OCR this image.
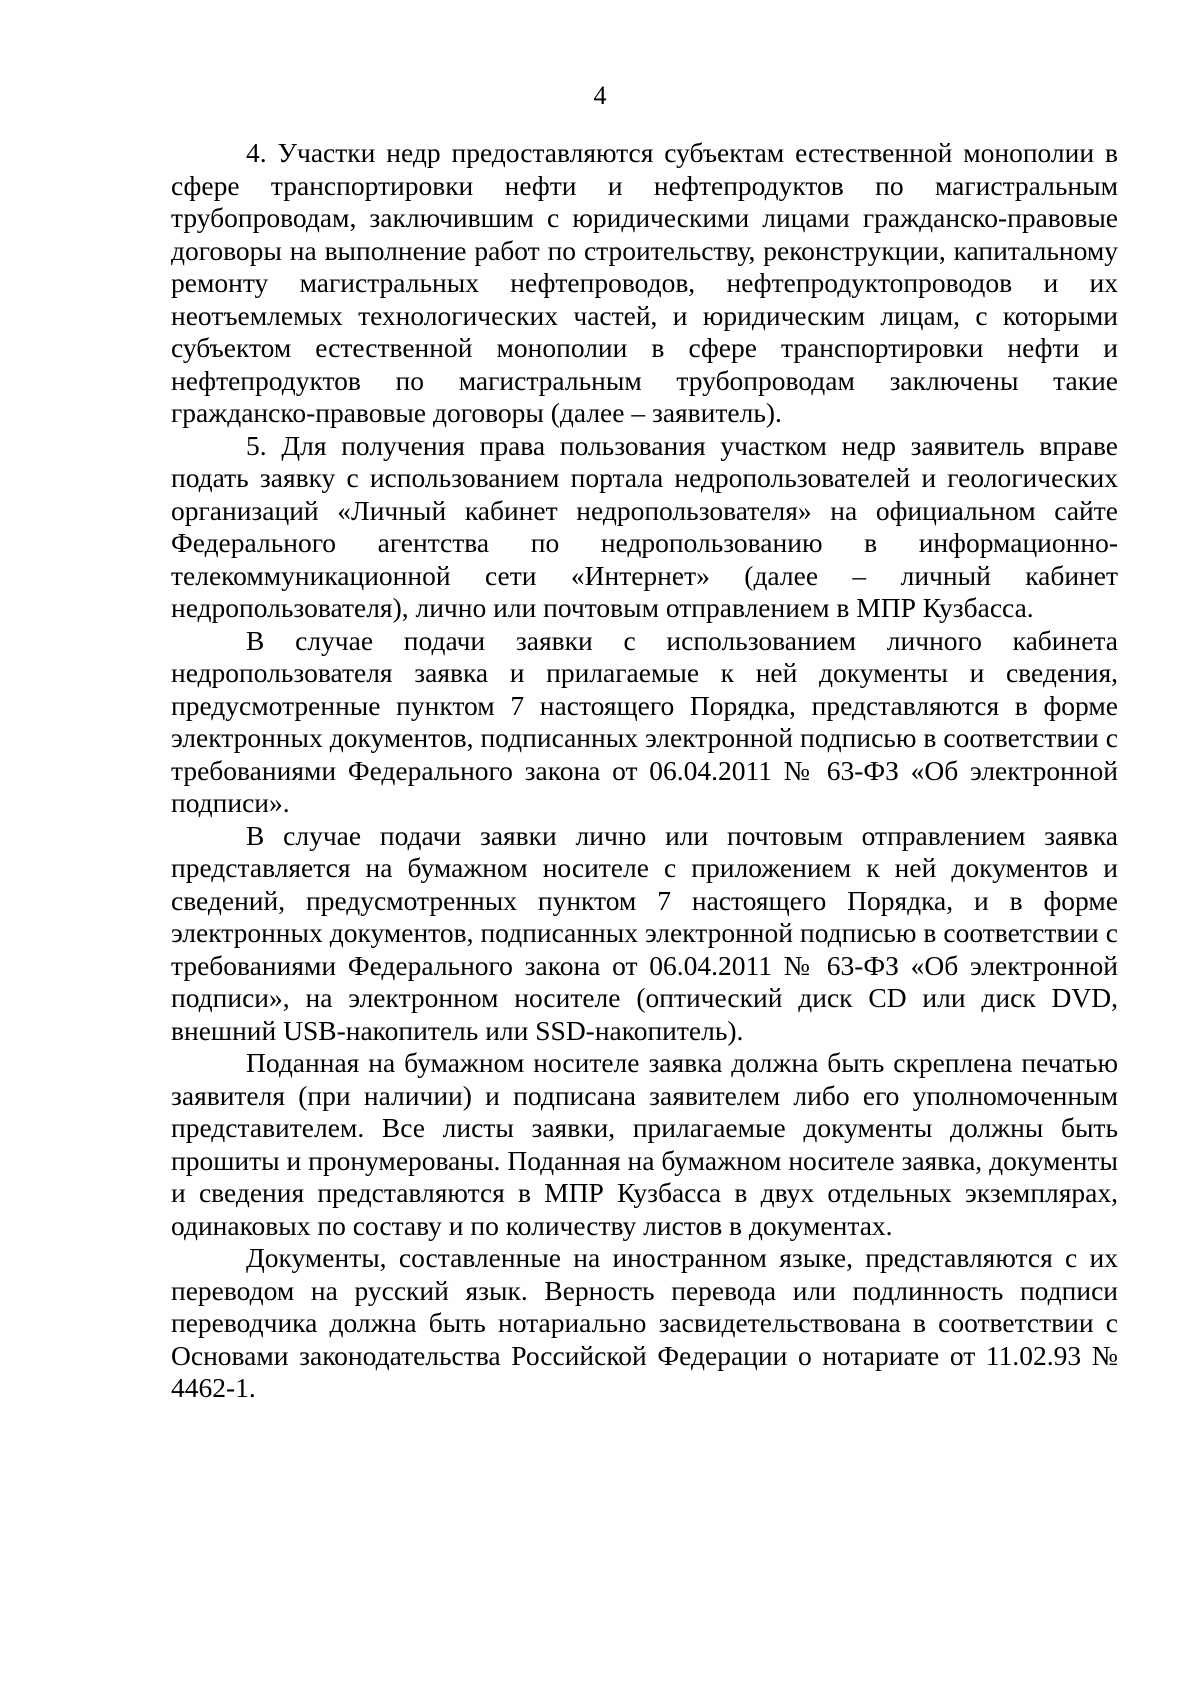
4

4. Участки недр предоставляются субъектам естественной монополии в сфере транспортировки нефти и нефтепродуктов по магистральным трубопроводам, заключившим с юридическими лицами гражданско-правовые договоры на выполнение работ по строительству, реконструкции, капитальному ремонту магистральных нефтепроводов, нефтепродуктопроводов и их неотъемлемых технологических частей, и юридическим лицам, с которыми субъектом естественной монополии в сфере транспортировки нефти и нефтепродуктов по магистральным трубопроводам заключены такие гражданско-правовые договоры (далее – заявитель).

5. Для получения права пользования участком недр заявитель вправе подать заявку с использованием портала недропользователей и геологических организаций «Личный кабинет недропользователя» на официальном сайте Федерального агентства по недропользованию в информационно-телекоммуникационной сети «Интернет» (далее – личный кабинет недропользователя), лично или почтовым отправлением в МПР Кузбасса.

В случае подачи заявки с использованием личного кабинета недропользователя заявка и прилагаемые к ней документы и сведения, предусмотренные пунктом 7 настоящего Порядка, представляются в форме электронных документов, подписанных электронной подписью в соответствии с требованиями Федерального закона от 06.04.2011 № 63-ФЗ «Об электронной подписи».

В случае подачи заявки лично или почтовым отправлением заявка представляется на бумажном носителе с приложением к ней документов и сведений, предусмотренных пунктом 7 настоящего Порядка, и в форме электронных документов, подписанных электронной подписью в соответствии с требованиями Федерального закона от 06.04.2011 № 63-ФЗ «Об электронной подписи», на электронном носителе (оптический диск CD или диск DVD, внешний USB-накопитель или SSD-накопитель).

Поданная на бумажном носителе заявка должна быть скреплена печатью заявителя (при наличии) и подписана заявителем либо его уполномоченным представителем. Все листы заявки, прилагаемые документы должны быть прошиты и пронумерованы. Поданная на бумажном носителе заявка, документы и сведения представляются в МПР Кузбасса в двух отдельных экземплярах, одинаковых по составу и по количеству листов в документах.

Документы, составленные на иностранном языке, представляются с их переводом на русский язык. Верность перевода или подлинность подписи переводчика должна быть нотариально засвидетельствована в соответствии с Основами законодательства Российской Федерации о нотариате от 11.02.93 № 4462-1.
